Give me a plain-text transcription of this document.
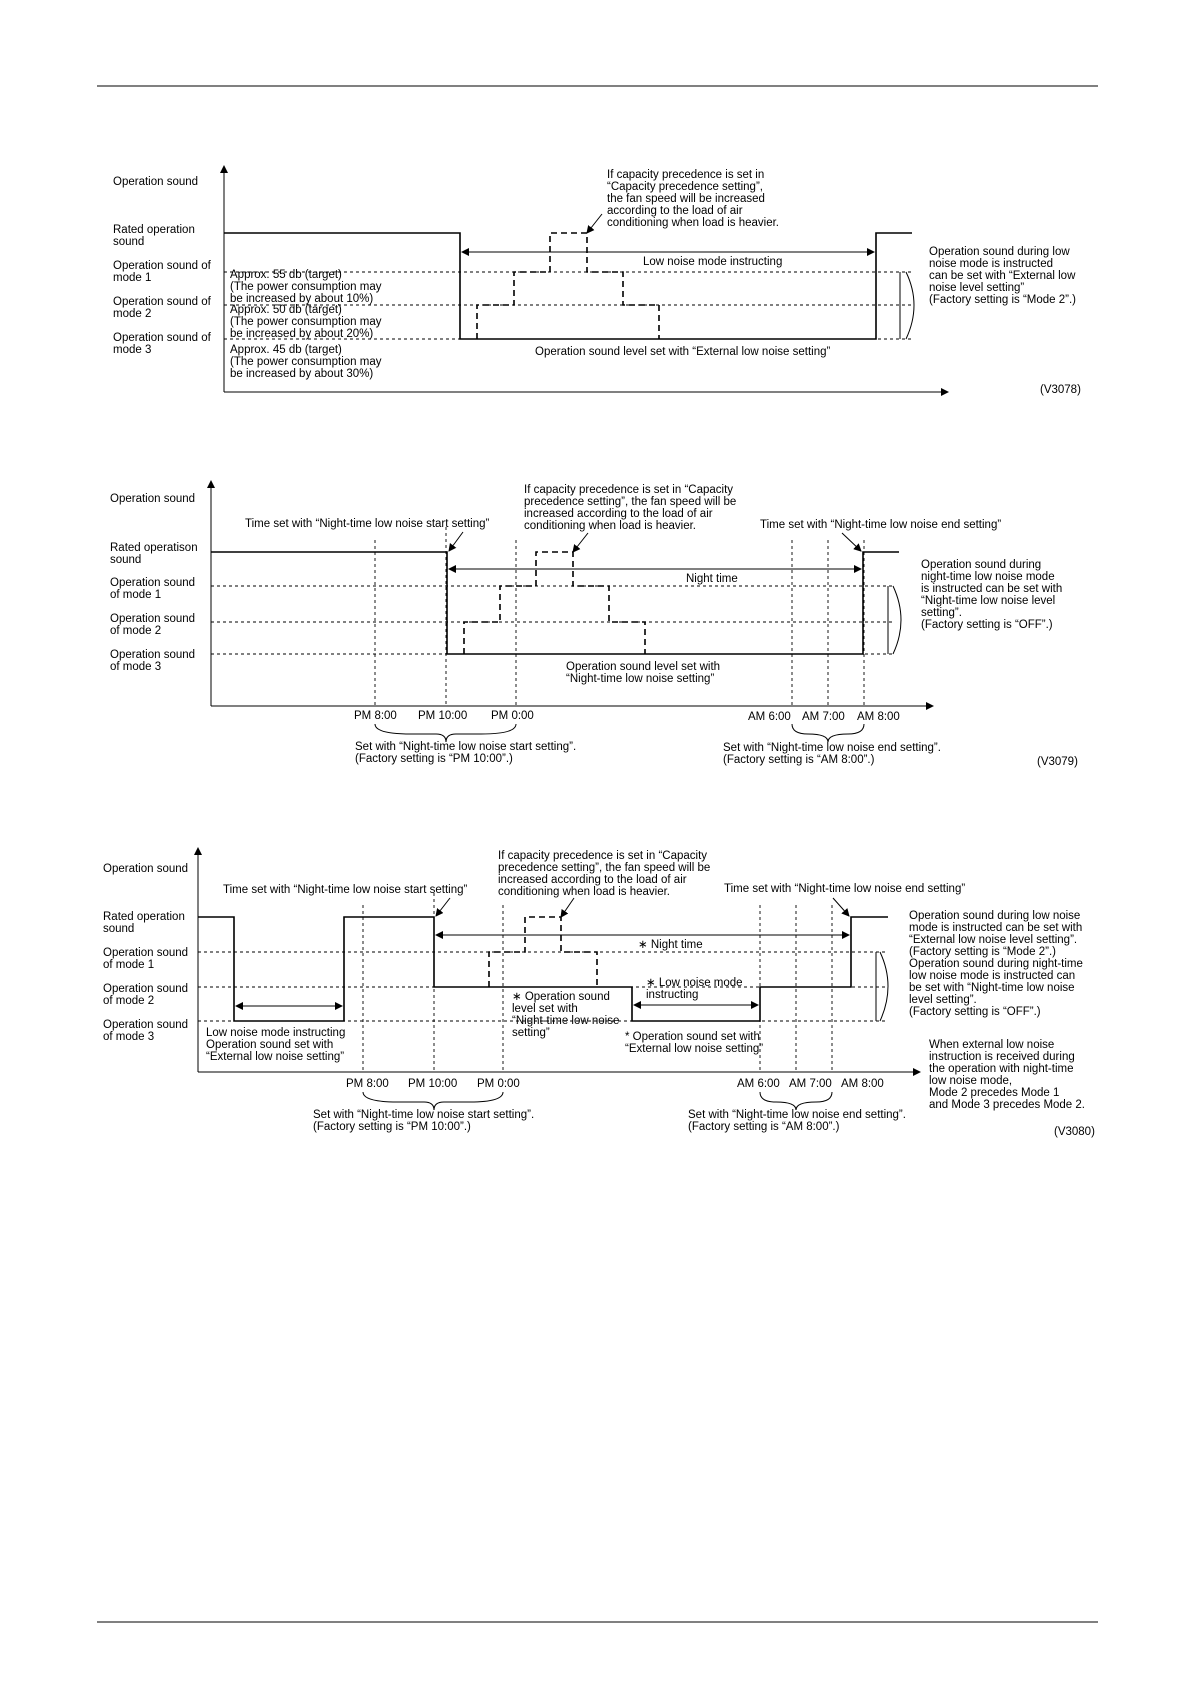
Operation sound
Rated operation sound
Operation sound of mode 1
Operation sound of mode 2
Operation sound of mode 3
Approx. 55 db (target) (The power consumption may be increased by about 10%)
Approx. 50 db (target) (The power consumption may be increased by about 20%)
Approx. 45 db (target) (The power consumption may be increased by about 30%)
If capacity precedence is set in “Capacity precedence setting”, the fan speed will be increased according to the load of air conditioning when load is heavier.
Low noise mode instructing
Operation sound level set with “External low noise setting”
Operation sound during low noise mode is instructed can be set with “External low noise level setting” (Factory setting is “Mode 2”.)
(V3078)
Operation sound
Rated operatison sound
Operation sound of mode 1
Operation sound of mode 2
Operation sound of mode 3
If capacity precedence is set in “Capacity precedence setting”, the fan speed will be increased according to the load of air conditioning when load is heavier.
Time set with “Night-time low noise start setting”	Time set with “Night-time low noise end setting”
Night time
Operation sound level set with “Night-time low noise setting”
Operation sound during night-time low noise mode is instructed can be set with “Night-time low noise level setting”. (Factory setting is “OFF”.)
PM 8:00 PM 10:00 PM 0:00	AM 6:00 AM 7:00 AM 8:00
Set with “Night-time low noise start setting”. (Factory setting is “PM 10:00”.)
Set with “Night-time low noise end setting”. (Factory setting is “AM 8:00”.)	(V3079)
Operation sound
Rated operation sound
Operation sound of mode 1
Operation sound of mode 2
Operation sound of mode 3
If capacity precedence is set in “Capacity precedence setting”, the fan speed will be increased according to the load of air conditioning when load is heavier.
Time set with “Night-time low noise start setting”	Time set with “Night-time low noise end setting”
∗ Night time
Low noise mode instructing Operation sound set with “External low noise setting”
∗ Low noise mode instructing
∗ Operation sound level set with “Night-time low noise setting”	* Operation sound set with “External low noise setting”
Operation sound during low noise mode is instructed can be set with “External low noise level setting”. (Factory setting is “Mode 2”.) Operation sound during night-time low noise mode is instructed can be set with “Night-time low noise level setting”. (Factory setting is “OFF”.)
When external low noise instruction is received during the operation with night-time low noise mode, Mode 2 precedes Mode 1 and Mode 3 precedes Mode 2.
PM 8:00 PM 10:00 PM 0:00	AM 6:00 AM 7:00 AM 8:00
Set with “Night-time low noise start setting”. (Factory setting is “PM 10:00”.)
Set with “Night-time low noise end setting”. (Factory setting is “AM 8:00”.)	(V3080)
